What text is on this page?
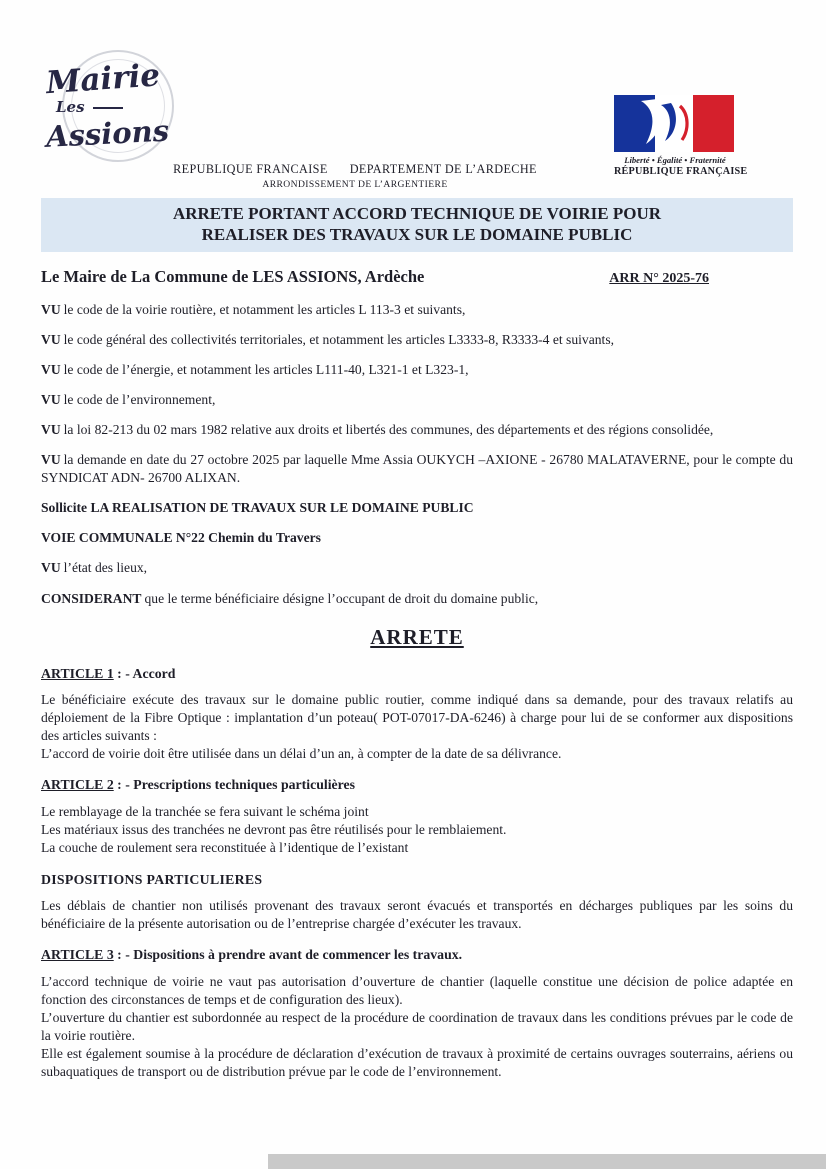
Mairie
Les
Assions
REPUBLIQUE FRANCAISE DEPARTEMENT DE L’ARDECHE
ARRONDISSEMENT DE L’ARGENTIERE
Liberté • Égalité • Fraternité
RÉPUBLIQUE FRANÇAISE
ARRETE PORTANT ACCORD TECHNIQUE DE VOIRIE POUR
REALISER DES TRAVAUX SUR LE DOMAINE PUBLIC
Le Maire de La Commune de LES ASSIONS, Ardèche	ARR N° 2025-76

VU le code de la voirie routière, et notamment les articles L 113-3 et suivants,

VU le code général des collectivités territoriales, et notamment les articles L3333-8, R3333-4 et suivants,

VU le code de l’énergie, et notamment les articles L111-40, L321-1 et L323-1,

VU le code de l’environnement,

VU la loi 82-213 du 02 mars 1982 relative aux droits et libertés des communes, des départements et des régions consolidée,

VU la demande en date du 27 octobre 2025 par laquelle Mme Assia OUKYCH –AXIONE - 26780 MALATAVERNE, pour le compte du SYNDICAT ADN- 26700 ALIXAN.

Sollicite LA REALISATION DE TRAVAUX SUR LE DOMAINE PUBLIC

VOIE COMMUNALE N°22 Chemin du Travers

VU l’état des lieux,

CONSIDERANT que le terme bénéficiaire désigne l’occupant de droit du domaine public,

ARRETE
ARTICLE 1 : - Accord
Le bénéficiaire exécute des travaux sur le domaine public routier, comme indiqué dans sa demande, pour des travaux relatifs au déploiement de la Fibre Optique : implantation d’un poteau( POT-07017-DA-6246) à charge pour lui de se conformer aux dispositions des articles suivants :
L’accord de voirie doit être utilisée dans un délai d’un an, à compter de la date de sa délivrance.
ARTICLE 2 : - Prescriptions techniques particulières
Le remblayage de la tranchée se fera suivant le schéma joint
Les matériaux issus des tranchées ne devront pas être réutilisés pour le remblaiement.
La couche de roulement sera reconstituée à l’identique de l’existant
DISPOSITIONS PARTICULIERES
Les déblais de chantier non utilisés provenant des travaux seront évacués et transportés en décharges publiques par les soins du bénéficiaire de la présente autorisation ou de l’entreprise chargée d’exécuter les travaux.
ARTICLE 3 : - Dispositions à prendre avant de commencer les travaux.
L’accord technique de voirie ne vaut pas autorisation d’ouverture de chantier (laquelle constitue une décision de police adaptée en fonction des circonstances de temps et de configuration des lieux).
L’ouverture du chantier est subordonnée au respect de la procédure de coordination de travaux dans les conditions prévues par le code de la voirie routière.
Elle est également soumise à la procédure de déclaration d’exécution de travaux à proximité de certains ouvrages souterrains, aériens ou subaquatiques de transport ou de distribution prévue par le code de l’environnement.
